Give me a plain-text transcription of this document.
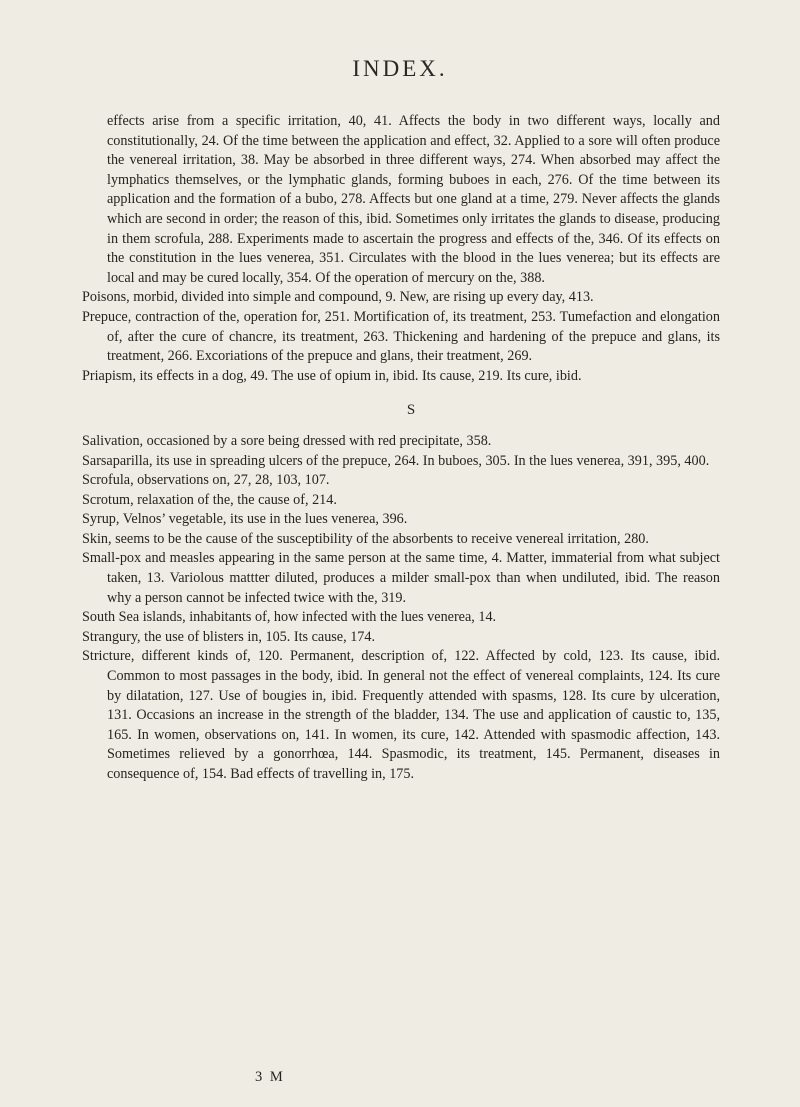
INDEX.

effects arise from a specific irritation, 40, 41. Affects the body in two different ways, locally and constitutionally, 24. Of the time between the application and effect, 32. Applied to a sore will often produce the venereal irritation, 38. May be absorbed in three different ways, 274. When absorbed may affect the lymphatics themselves, or the lymphatic glands, forming buboes in each, 276. Of the time between its application and the formation of a bubo, 278. Affects but one gland at a time, 279. Never affects the glands which are second in order; the reason of this, ibid. Sometimes only irritates the glands to disease, producing in them scrofula, 288. Experiments made to ascertain the progress and effects of the, 346. Of its effects on the constitution in the lues venerea, 351. Circulates with the blood in the lues venerea; but its effects are local and may be cured locally, 354. Of the operation of mercury on the, 388.

Poisons, morbid, divided into simple and compound, 9. New, are rising up every day, 413.

Prepuce, contraction of the, operation for, 251. Mortification of, its treatment, 253. Tumefaction and elongation of, after the cure of chancre, its treatment, 263. Thickening and hardening of the prepuce and glans, its treatment, 266. Excoriations of the prepuce and glans, their treatment, 269.

Priapism, its effects in a dog, 49. The use of opium in, ibid. Its cause, 219. Its cure, ibid.

S

Salivation, occasioned by a sore being dressed with red precipitate, 358.

Sarsaparilla, its use in spreading ulcers of the prepuce, 264. In buboes, 305. In the lues venerea, 391, 395, 400.

Scrofula, observations on, 27, 28, 103, 107.

Scrotum, relaxation of the, the cause of, 214.

Syrup, Velnos’ vegetable, its use in the lues venerea, 396.

Skin, seems to be the cause of the susceptibility of the absorbents to receive venereal irritation, 280.

Small-pox and measles appearing in the same person at the same time, 4. Matter, immaterial from what subject taken, 13. Variolous mattter diluted, produces a milder small-pox than when undiluted, ibid. The reason why a person cannot be infected twice with the, 319.

South Sea islands, inhabitants of, how infected with the lues venerea, 14.

Strangury, the use of blisters in, 105. Its cause, 174.

Stricture, different kinds of, 120. Permanent, description of, 122. Affected by cold, 123. Its cause, ibid. Common to most passages in the body, ibid. In general not the effect of venereal complaints, 124. Its cure by dilatation, 127. Use of bougies in, ibid. Frequently attended with spasms, 128. Its cure by ulceration, 131. Occasions an increase in the strength of the bladder, 134. The use and application of caustic to, 135, 165. In women, observations on, 141. In women, its cure, 142. Attended with spasmodic affection, 143. Sometimes relieved by a gonorrhœa, 144. Spasmodic, its treatment, 145. Permanent, diseases in consequence of, 154. Bad effects of travelling in, 175.

3 M
